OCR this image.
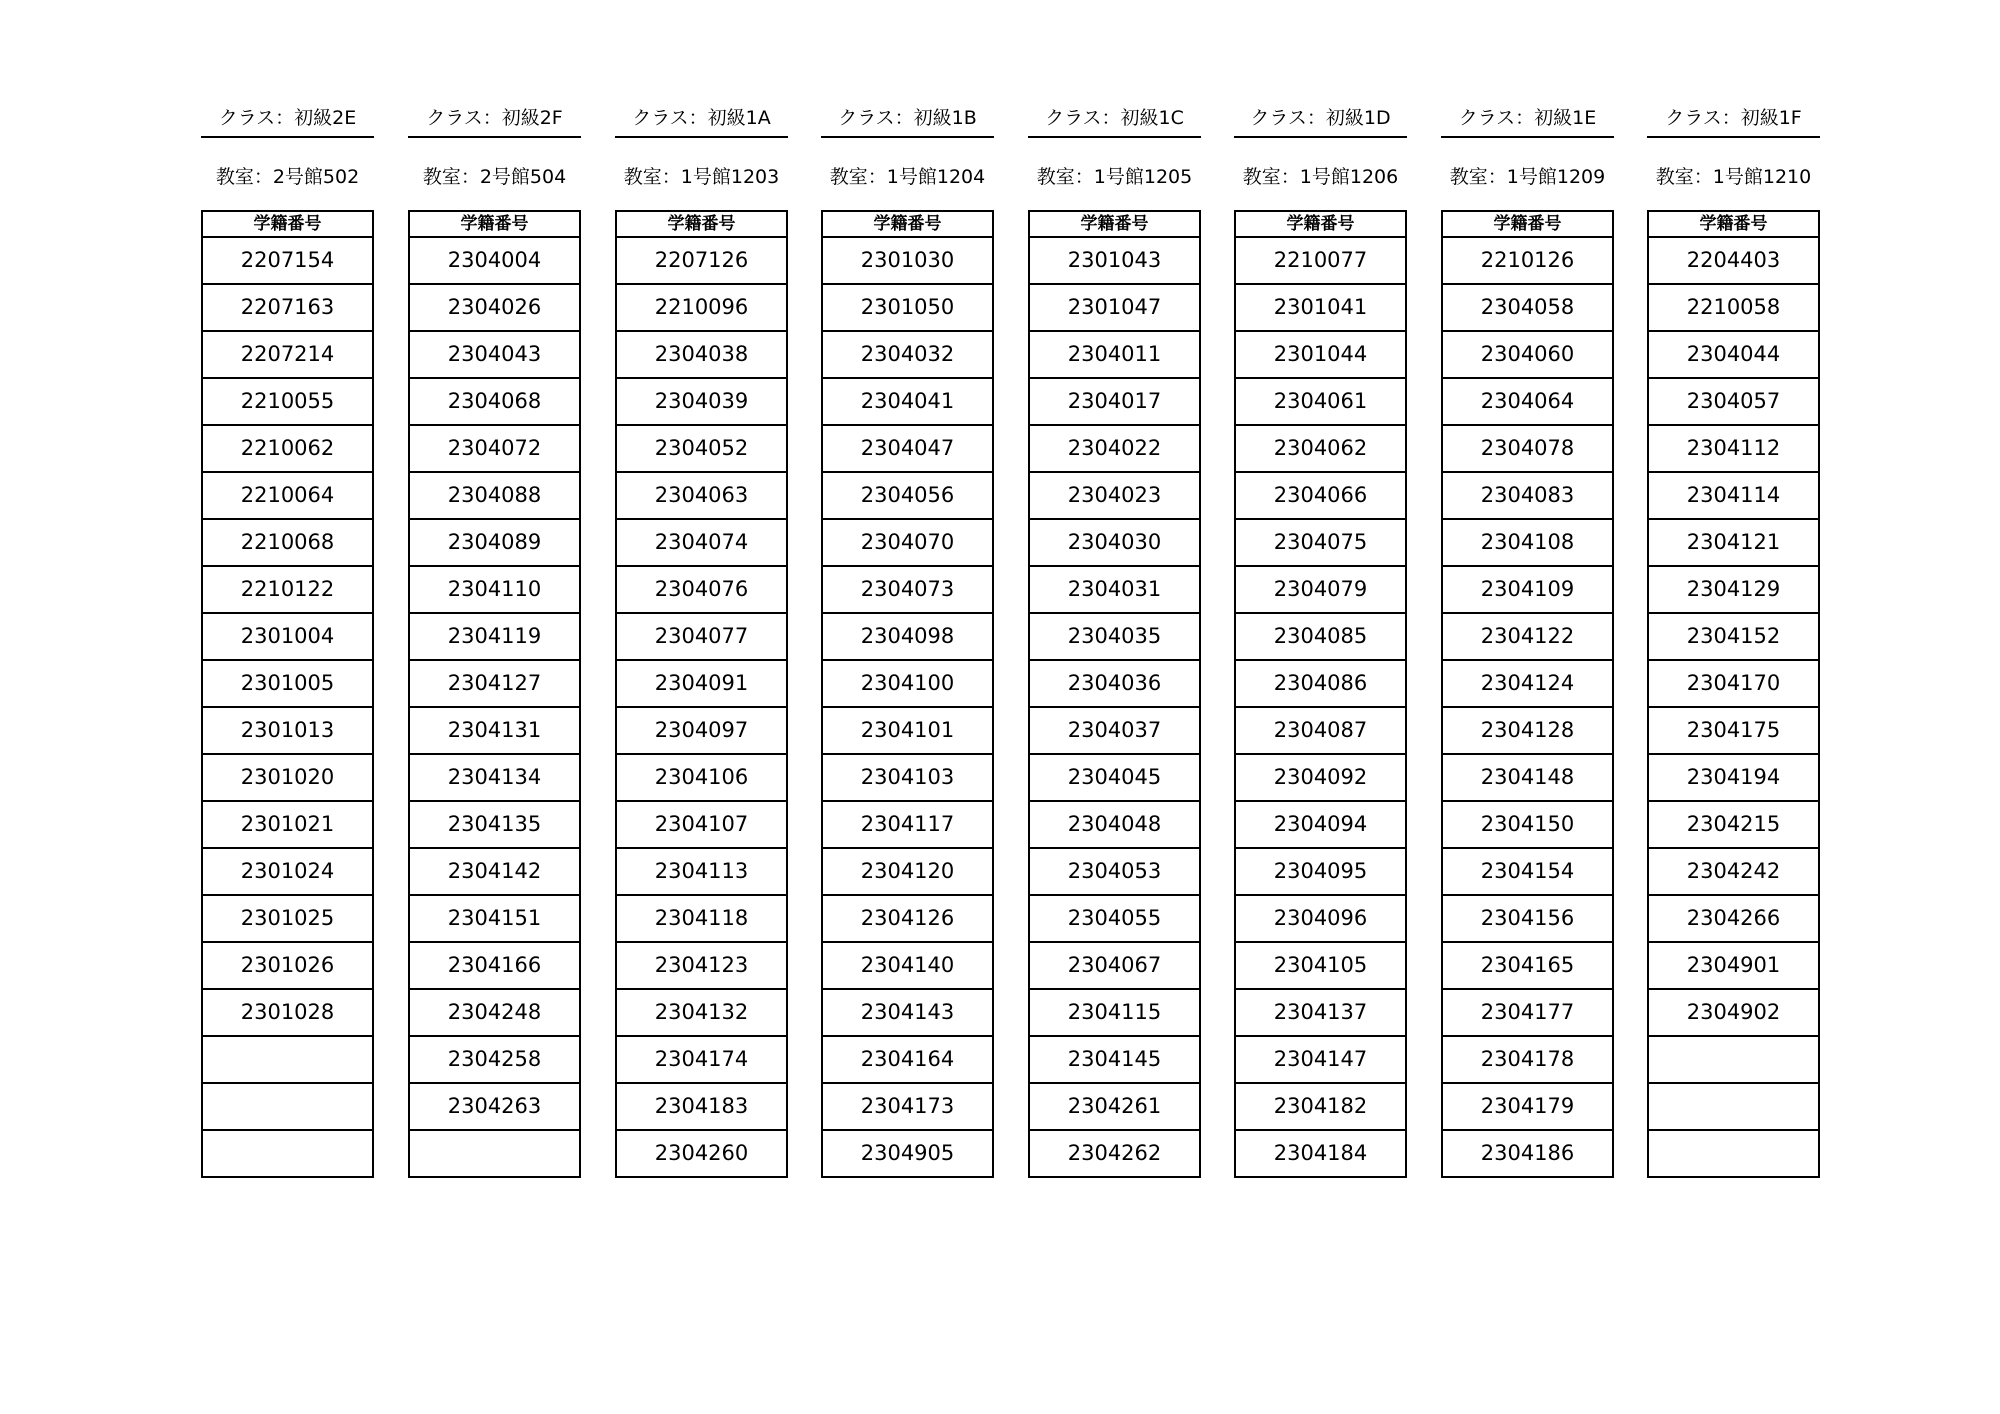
クラス：初級2E
教室：2号館502
学籍番号
2207154
2207163
2207214
2210055
2210062
2210064
2210068
2210122
2301004
2301005
2301013
2301020
2301021
2301024
2301025
2301026
2301028
クラス：初級2F
教室：2号館504
学籍番号
2304004
2304026
2304043
2304068
2304072
2304088
2304089
2304110
2304119
2304127
2304131
2304134
2304135
2304142
2304151
2304166
2304248
2304258
2304263
クラス：初級1A
教室：1号館1203
学籍番号
2207126
2210096
2304038
2304039
2304052
2304063
2304074
2304076
2304077
2304091
2304097
2304106
2304107
2304113
2304118
2304123
2304132
2304174
2304183
2304260
クラス：初級1B
教室：1号館1204
学籍番号
2301030
2301050
2304032
2304041
2304047
2304056
2304070
2304073
2304098
2304100
2304101
2304103
2304117
2304120
2304126
2304140
2304143
2304164
2304173
2304905
クラス：初級1C
教室：1号館1205
学籍番号
2301043
2301047
2304011
2304017
2304022
2304023
2304030
2304031
2304035
2304036
2304037
2304045
2304048
2304053
2304055
2304067
2304115
2304145
2304261
2304262
クラス：初級1D
教室：1号館1206
学籍番号
2210077
2301041
2301044
2304061
2304062
2304066
2304075
2304079
2304085
2304086
2304087
2304092
2304094
2304095
2304096
2304105
2304137
2304147
2304182
2304184
クラス：初級1E
教室：1号館1209
学籍番号
2210126
2304058
2304060
2304064
2304078
2304083
2304108
2304109
2304122
2304124
2304128
2304148
2304150
2304154
2304156
2304165
2304177
2304178
2304179
2304186
クラス：初級1F
教室：1号館1210
学籍番号
2204403
2210058
2304044
2304057
2304112
2304114
2304121
2304129
2304152
2304170
2304175
2304194
2304215
2304242
2304266
2304901
2304902
